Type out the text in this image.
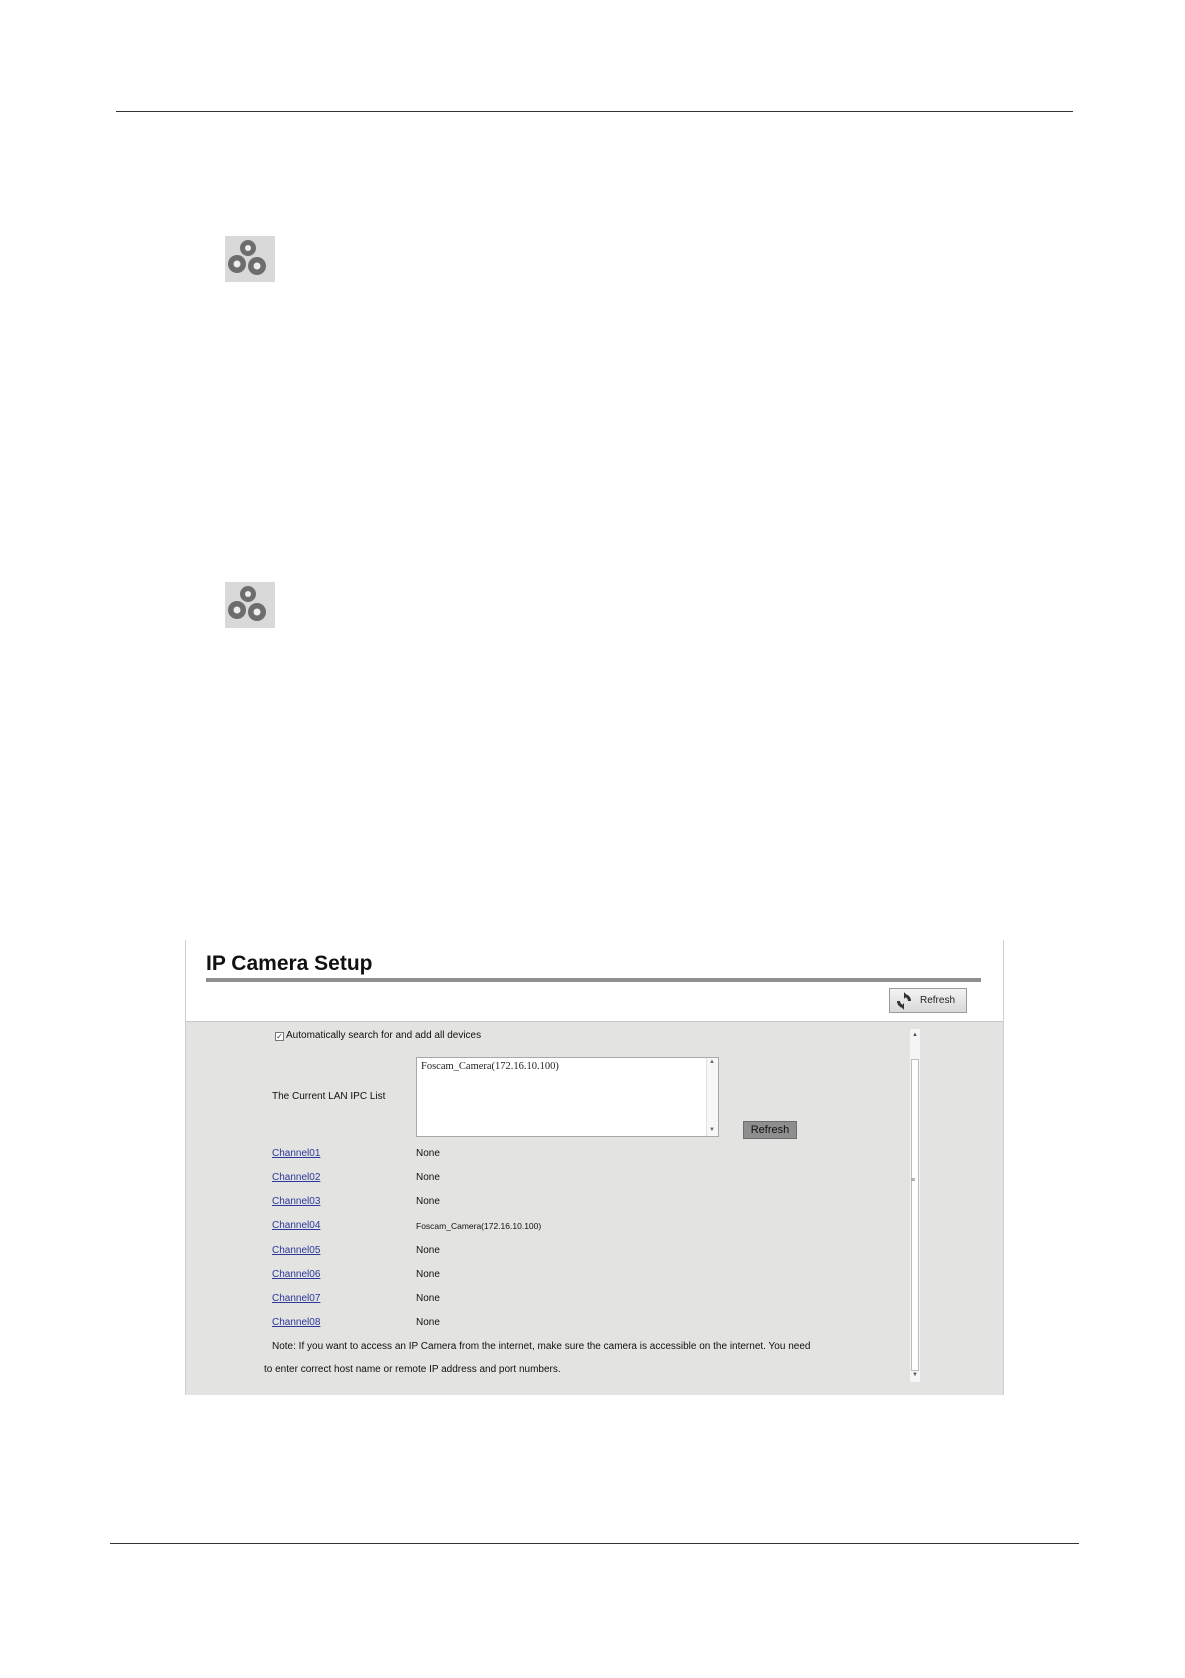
IP Camera Setup
Refresh
✓ Automatically search for and add all devices
The Current LAN IPC List
Foscam_Camera(172.16.10.100)	▲
▼	Refresh
Channel01	None
Channel02	None
Channel03	None
Channel04	Foscam_Camera(172.16.10.100)
Channel05	None
Channel06	None
Channel07	None
Channel08	None
Note: If you want to access an IP Camera from the internet, make sure the camera is accessible on the internet. You need
to enter correct host name or remote IP address and port numbers.
▲
≡
▼
